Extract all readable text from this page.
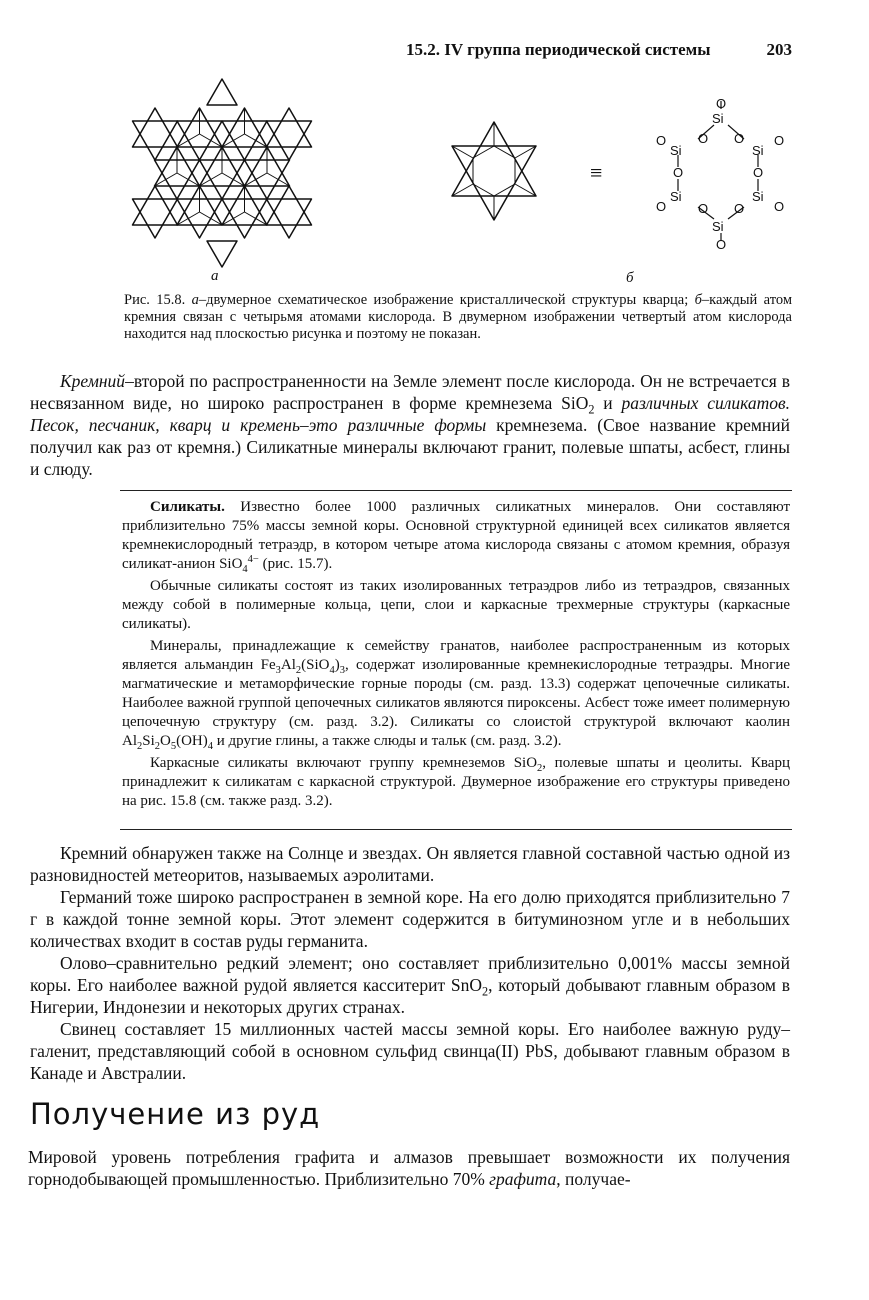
15.2. IV группа периодической системы	203
а
≡
O
Si
O
Si
O O
Si
O
O	O
O
Si
O O
Si
O
Si
O
б
Рис. 15.8. а–двумерное схематическое изображение кристаллической структуры кварца; б–каждый атом кремния связан с четырьмя атомами кислорода. В двумерном изображении четвертый атом кислорода находится над плоскостью рисунка и поэтому не показан.

Кремний–второй по распространенности на Земле элемент после кислорода. Он не встречается в несвязанном виде, но широко распространен в форме кремнезема SiO$_2$ и различных силикатов. Песок, песчаник, кварц и кремень–это различные формы кремнезема. (Свое название кремний получил как раз от кремня.) Силикатные минералы включают гранит, полевые шпаты, асбест, глины и слюду.

Силикаты. Известно более 1000 различных силикатных минералов. Они составляют приблизительно 75% массы земной коры. Основной структурной единицей всех силикатов является кремнекислородный тетраэдр, в котором четыре атома кислорода связаны с атомом кремния, образуя силикат-анион SiO$_4^{4-}$ (рис. 15.7).

Обычные силикаты состоят из таких изолированных тетраэдров либо из тетраэдров, связанных между собой в полимерные кольца, цепи, слои и каркасные трехмерные структуры (каркасные силикаты).

Минералы, принадлежащие к семейству гранатов, наиболее распространенным из которых является альмандин $Fe_3Al_2(SiO_4)_3$, содержат изолированные кремнекислородные тетраэдры. Многие магматические и метаморфические горные породы (см. разд. 13.3) содержат цепочечные силикаты. Наиболее важной группой цепочечных силикатов являются пироксены. Асбест тоже имеет полимерную цепочечную структуру (см. разд. 3.2). Силикаты со слоистой структурой включают каолин $Al_2Si_2O_5(OH)_4$ и другие глины, а также слюды и тальк (см. разд. 3.2).

Каркасные силикаты включают группу кремнеземов SiO$_2$, полевые шпаты и цеолиты. Кварц принадлежит к силикатам с каркасной структурой. Двумерное изображение его структуры приведено на рис. 15.8 (см. также разд. 3.2).

Кремний обнаружен также на Солнце и звездах. Он является главной составной частью одной из разновидностей метеоритов, называемых аэролитами.

Германий тоже широко распространен в земной коре. На его долю приходятся приблизительно 7 г в каждой тонне земной коры. Этот элемент содержится в битуминозном угле и в небольших количествах входит в состав руды германита.

Олово–сравнительно редкий элемент; оно составляет приблизительно 0,001% массы земной коры. Его наиболее важной рудой является касситерит SnO$_2$, который добывают главным образом в Нигерии, Индонезии и некоторых других странах.

Свинец составляет 15 миллионных частей массы земной коры. Его наиболее важную руду–галенит, представляющий собой в основном сульфид свинца(II) PbS, добывают главным образом в Канаде и Австралии.

Получение из руд

Мировой уровень потребления графита и алмазов превышает возможности их получения горнодобывающей промышленностью. Приблизительно 70% графита, получае-
